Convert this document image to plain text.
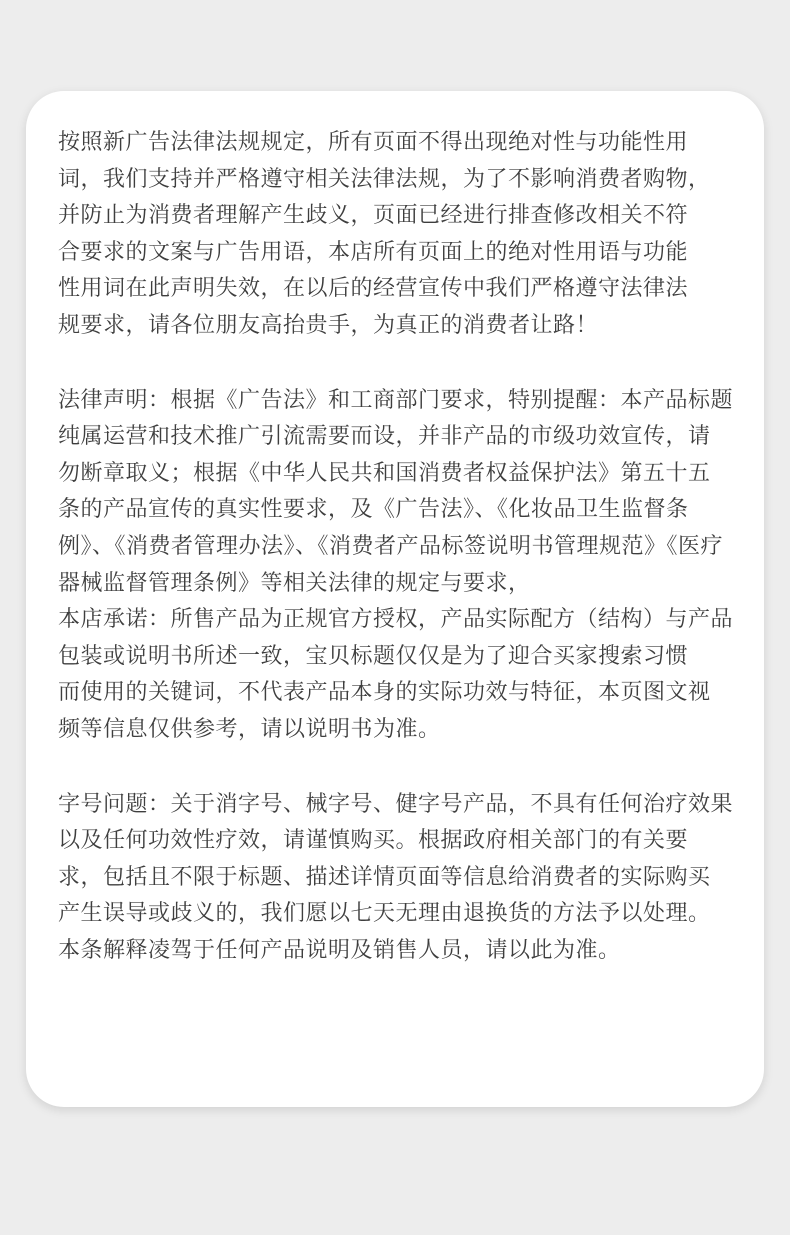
按照新广告法律法规规定，所有页面不得出现绝对性与功能性用
词，我们支持并严格遵守相关法律法规，为了不影响消费者购物，
并防止为消费者理解产生歧义，页面已经进行排查修改相关不符
合要求的文案与广告用语，本店所有页面上的绝对性用语与功能
性用词在此声明失效，在以后的经营宣传中我们严格遵守法律法
规要求，请各位朋友高抬贵手，为真正的消费者让路！

法律声明：根据《广告法》和工商部门要求，特别提醒：本产品标题
纯属运营和技术推广引流需要而设，并非产品的市级功效宣传，请
勿断章取义；根据《中华人民共和国消费者权益保护法》第五十五
条的产品宣传的真实性要求，及《广告法》、《化妆品卫生监督条
例》、《消费者管理办法》、《消费者产品标签说明书管理规范》《医疗
器械监督管理条例》等相关法律的规定与要求，
本店承诺：所售产品为正规官方授权，产品实际配方（结构）与产品
包装或说明书所述一致，宝贝标题仅仅是为了迎合买家搜索习惯
而使用的关键词，不代表产品本身的实际功效与特征，本页图文视
频等信息仅供参考，请以说明书为准。

字号问题：关于消字号、械字号、健字号产品，不具有任何治疗效果
以及任何功效性疗效，请谨慎购买。根据政府相关部门的有关要
求，包括且不限于标题、描述详情页面等信息给消费者的实际购买
产生误导或歧义的，我们愿以七天无理由退换货的方法予以处理。
本条解释凌驾于任何产品说明及销售人员，请以此为准。
